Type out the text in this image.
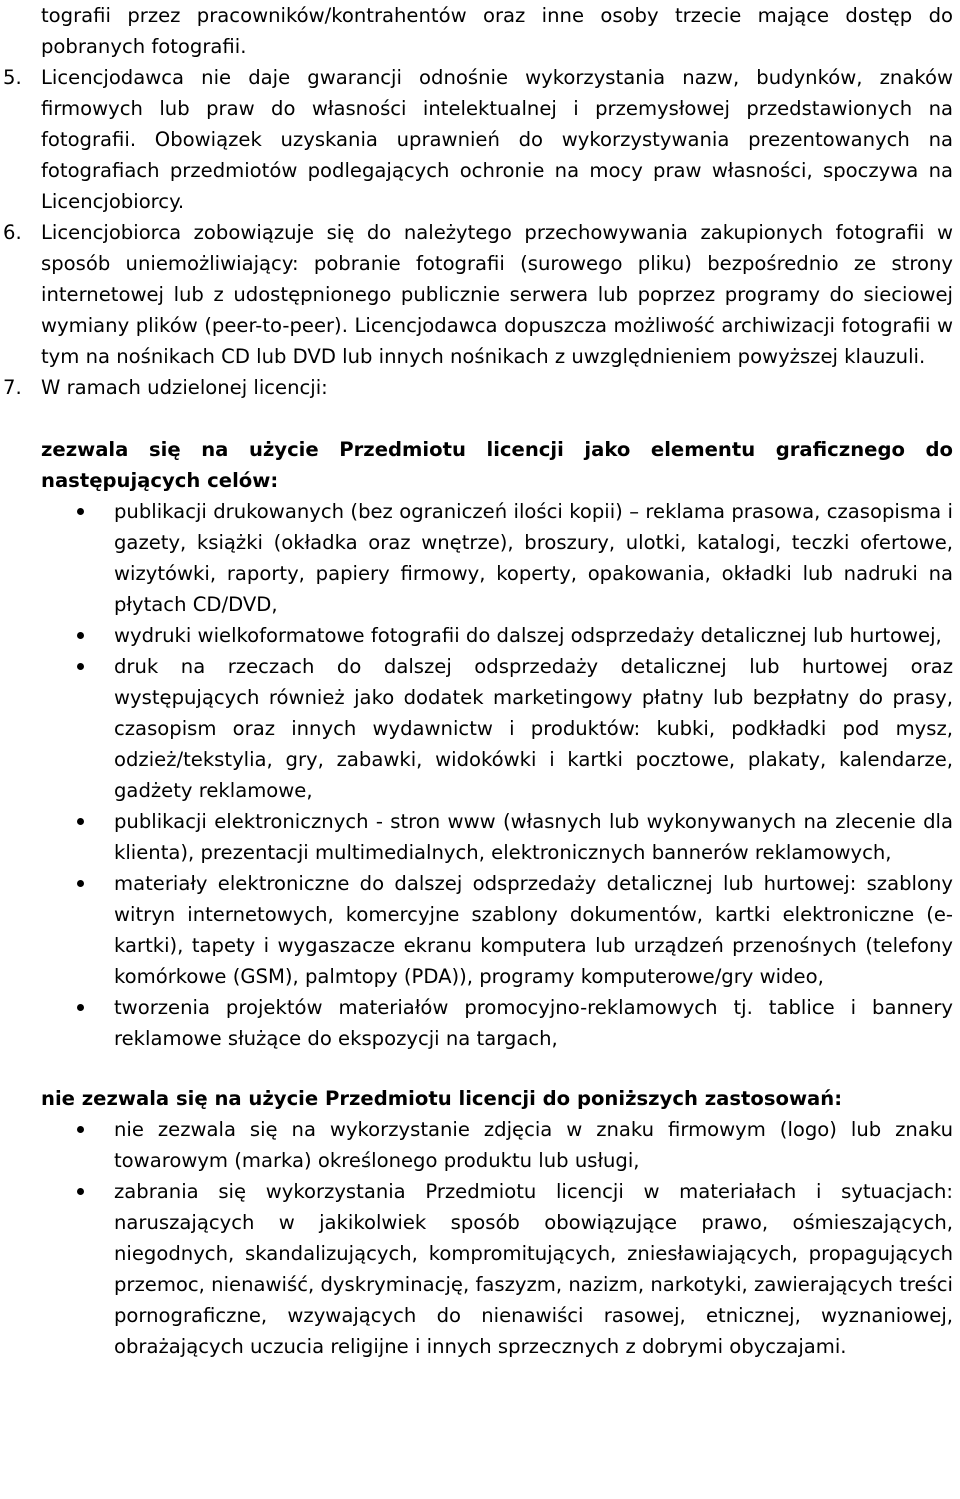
tografii przez pracowników/kontrahentów oraz inne osoby trzecie mające dostęp do pobranych fotografii.

5. Licencjodawca nie daje gwarancji odnośnie wykorzystania nazw, budynków, znaków firmowych lub praw do własności intelektualnej i przemysłowej przedstawionych na fotografii. Obowiązek uzyskania uprawnień do wykorzystywania prezentowanych na fotografiach przedmiotów podlegających ochronie na mocy praw własności, spoczywa na Licencjobiorcy.
6. Licencjobiorca zobowiązuje się do należytego przechowywania zakupionych fotografii w sposób uniemożliwiający: pobranie fotografii (surowego pliku) bezpośrednio ze strony internetowej lub z udostępnionego publicznie serwera lub poprzez programy do sieciowej wymiany plików (peer-to-peer). Licencjodawca dopuszcza możliwość archiwizacji fotografii w tym na nośnikach CD lub DVD lub innych nośnikach z uwzględnieniem powyższej klauzuli.
7. W ramach udzielonej licencji:

zezwala się na użycie Przedmiotu licencji jako elementu graficznego do następujących celów:

publikacji drukowanych (bez ograniczeń ilości kopii) – reklama prasowa, czasopisma i gazety, książki (okładka oraz wnętrze), broszury, ulotki, katalogi, teczki ofertowe, wizytówki, raporty, papiery firmowy, koperty, opakowania, okładki lub nadruki na płytach CD/DVD,
wydruki wielkoformatowe fotografii do dalszej odsprzedaży detalicznej lub hurtowej,
druk na rzeczach do dalszej odsprzedaży detalicznej lub hurtowej oraz występujących również jako dodatek marketingowy płatny lub bezpłatny do prasy, czasopism oraz innych wydawnictw i produktów: kubki, podkładki pod mysz, odzież/tekstylia, gry, zabawki, widokówki i kartki pocztowe, plakaty, kalendarze, gadżety reklamowe,
publikacji elektronicznych - stron www (własnych lub wykonywanych na zlecenie dla klienta), prezentacji multimedialnych, elektronicznych bannerów reklamowych,
materiały elektroniczne do dalszej odsprzedaży detalicznej lub hurtowej: szablony witryn internetowych, komercyjne szablony dokumentów, kartki elektroniczne (e-kartki), tapety i wygaszacze ekranu komputera lub urządzeń przenośnych (telefony komórkowe (GSM), palmtopy (PDA)), programy komputerowe/gry wideo,
tworzenia projektów materiałów promocyjno-reklamowych tj. tablice i bannery reklamowe służące do ekspozycji na targach,

nie zezwala się na użycie Przedmiotu licencji do poniższych zastosowań:

nie zezwala się na wykorzystanie zdjęcia w znaku firmowym (logo) lub znaku towarowym (marka) określonego produktu lub usługi,
zabrania się wykorzystania Przedmiotu licencji w materiałach i sytuacjach: naruszających w jakikolwiek sposób obowiązujące prawo, ośmieszających, niegodnych, skandalizujących, kompromitujących, zniesławiających, propagujących przemoc, nienawiść, dyskryminację, faszyzm, nazizm, narkotyki, zawierających treści pornograficzne, wzywających do nienawiści rasowej, etnicznej, wyznaniowej, obrażających uczucia religijne i innych sprzecznych z dobrymi obyczajami.
